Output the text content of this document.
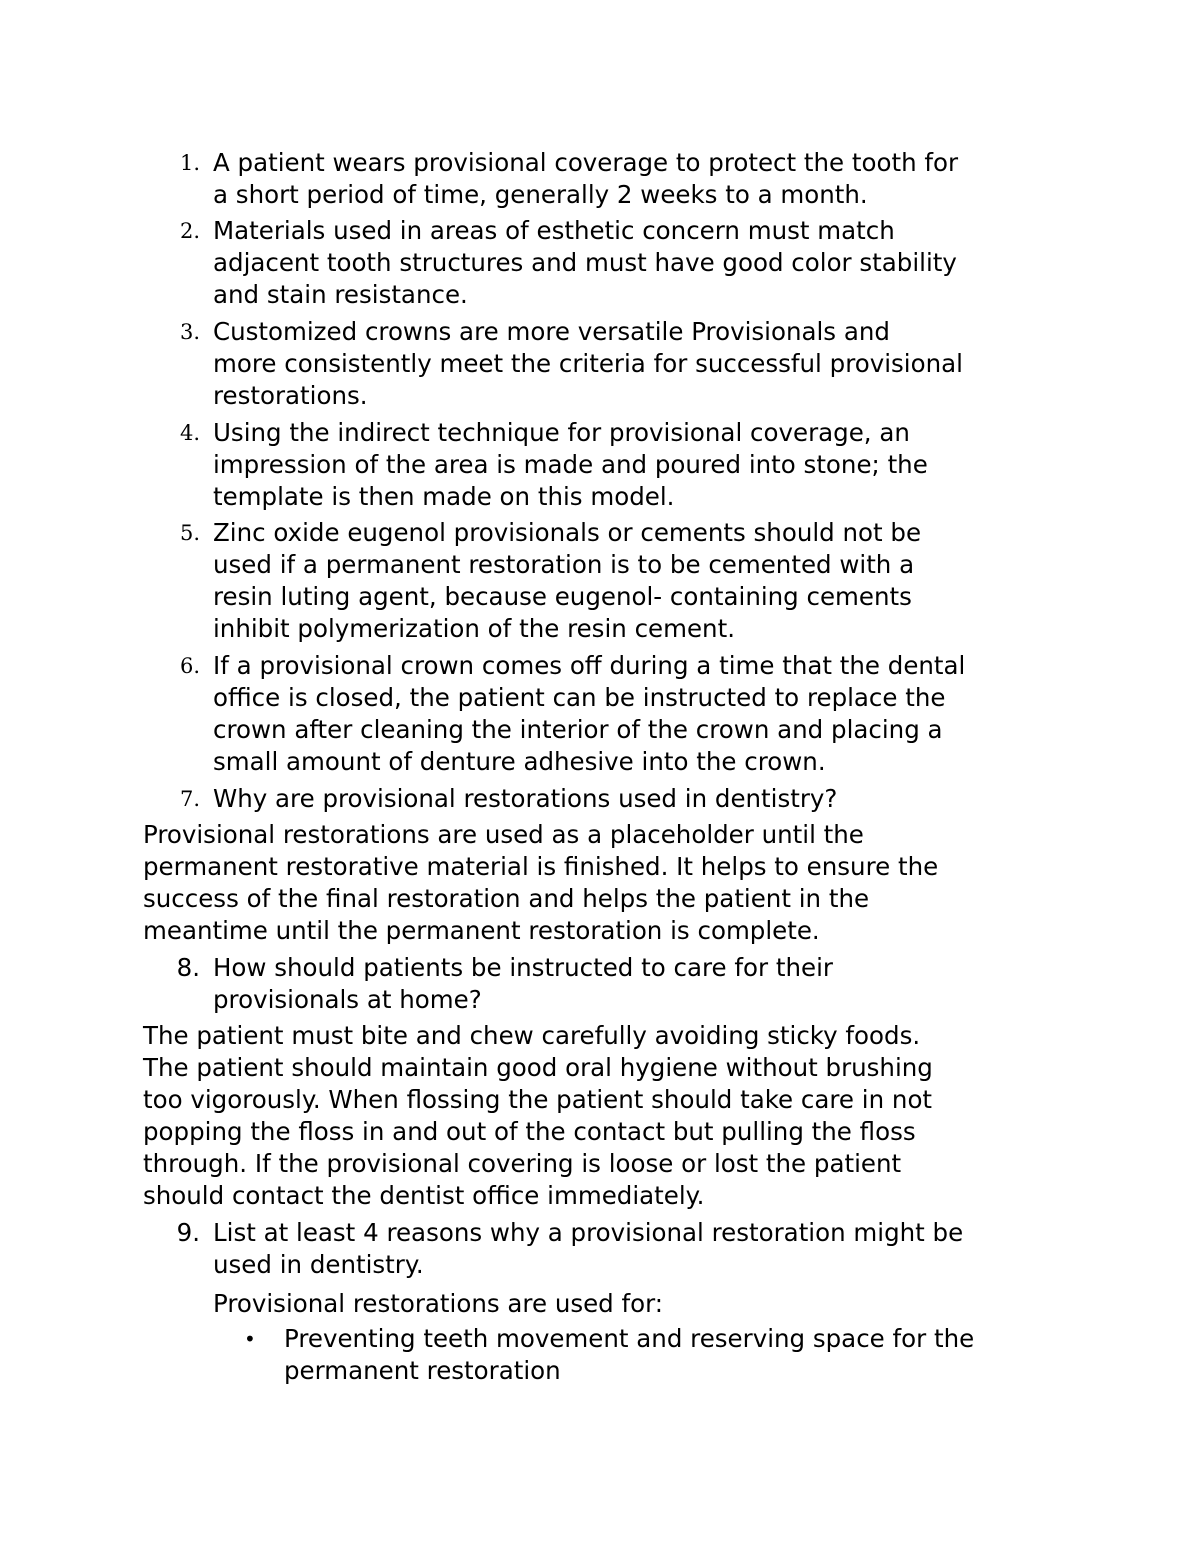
1. A patient wears provisional coverage to protect the tooth for
a short period of time, generally 2 weeks to a month.
2. Materials used in areas of esthetic concern must match
adjacent tooth structures and must have good color stability
and stain resistance.
3. Customized crowns are more versatile Provisionals and
more consistently meet the criteria for successful provisional
restorations.
4. Using the indirect technique for provisional coverage, an
impression of the area is made and poured into stone; the
template is then made on this model.
5. Zinc oxide eugenol provisionals or cements should not be
used if a permanent restoration is to be cemented with a
resin luting agent, because eugenol- containing cements
inhibit polymerization of the resin cement.
6. If a provisional crown comes off during a time that the dental
office is closed, the patient can be instructed to replace the
crown after cleaning the interior of the crown and placing a
small amount of denture adhesive into the crown.
7. Why are provisional restorations used in dentistry?
Provisional restorations are used as a placeholder until the
permanent restorative material is finished. It helps to ensure the
success of the final restoration and helps the patient in the
meantime until the permanent restoration is complete.
8. How should patients be instructed to care for their
provisionals at home?
The patient must bite and chew carefully avoiding sticky foods.
The patient should maintain good oral hygiene without brushing
too vigorously. When flossing the patient should take care in not
popping the floss in and out of the contact but pulling the floss
through. If the provisional covering is loose or lost the patient
should contact the dentist office immediately.
9. List at least 4 reasons why a provisional restoration might be
used in dentistry.
Provisional restorations are used for:
• Preventing teeth movement and reserving space for the
permanent restoration
